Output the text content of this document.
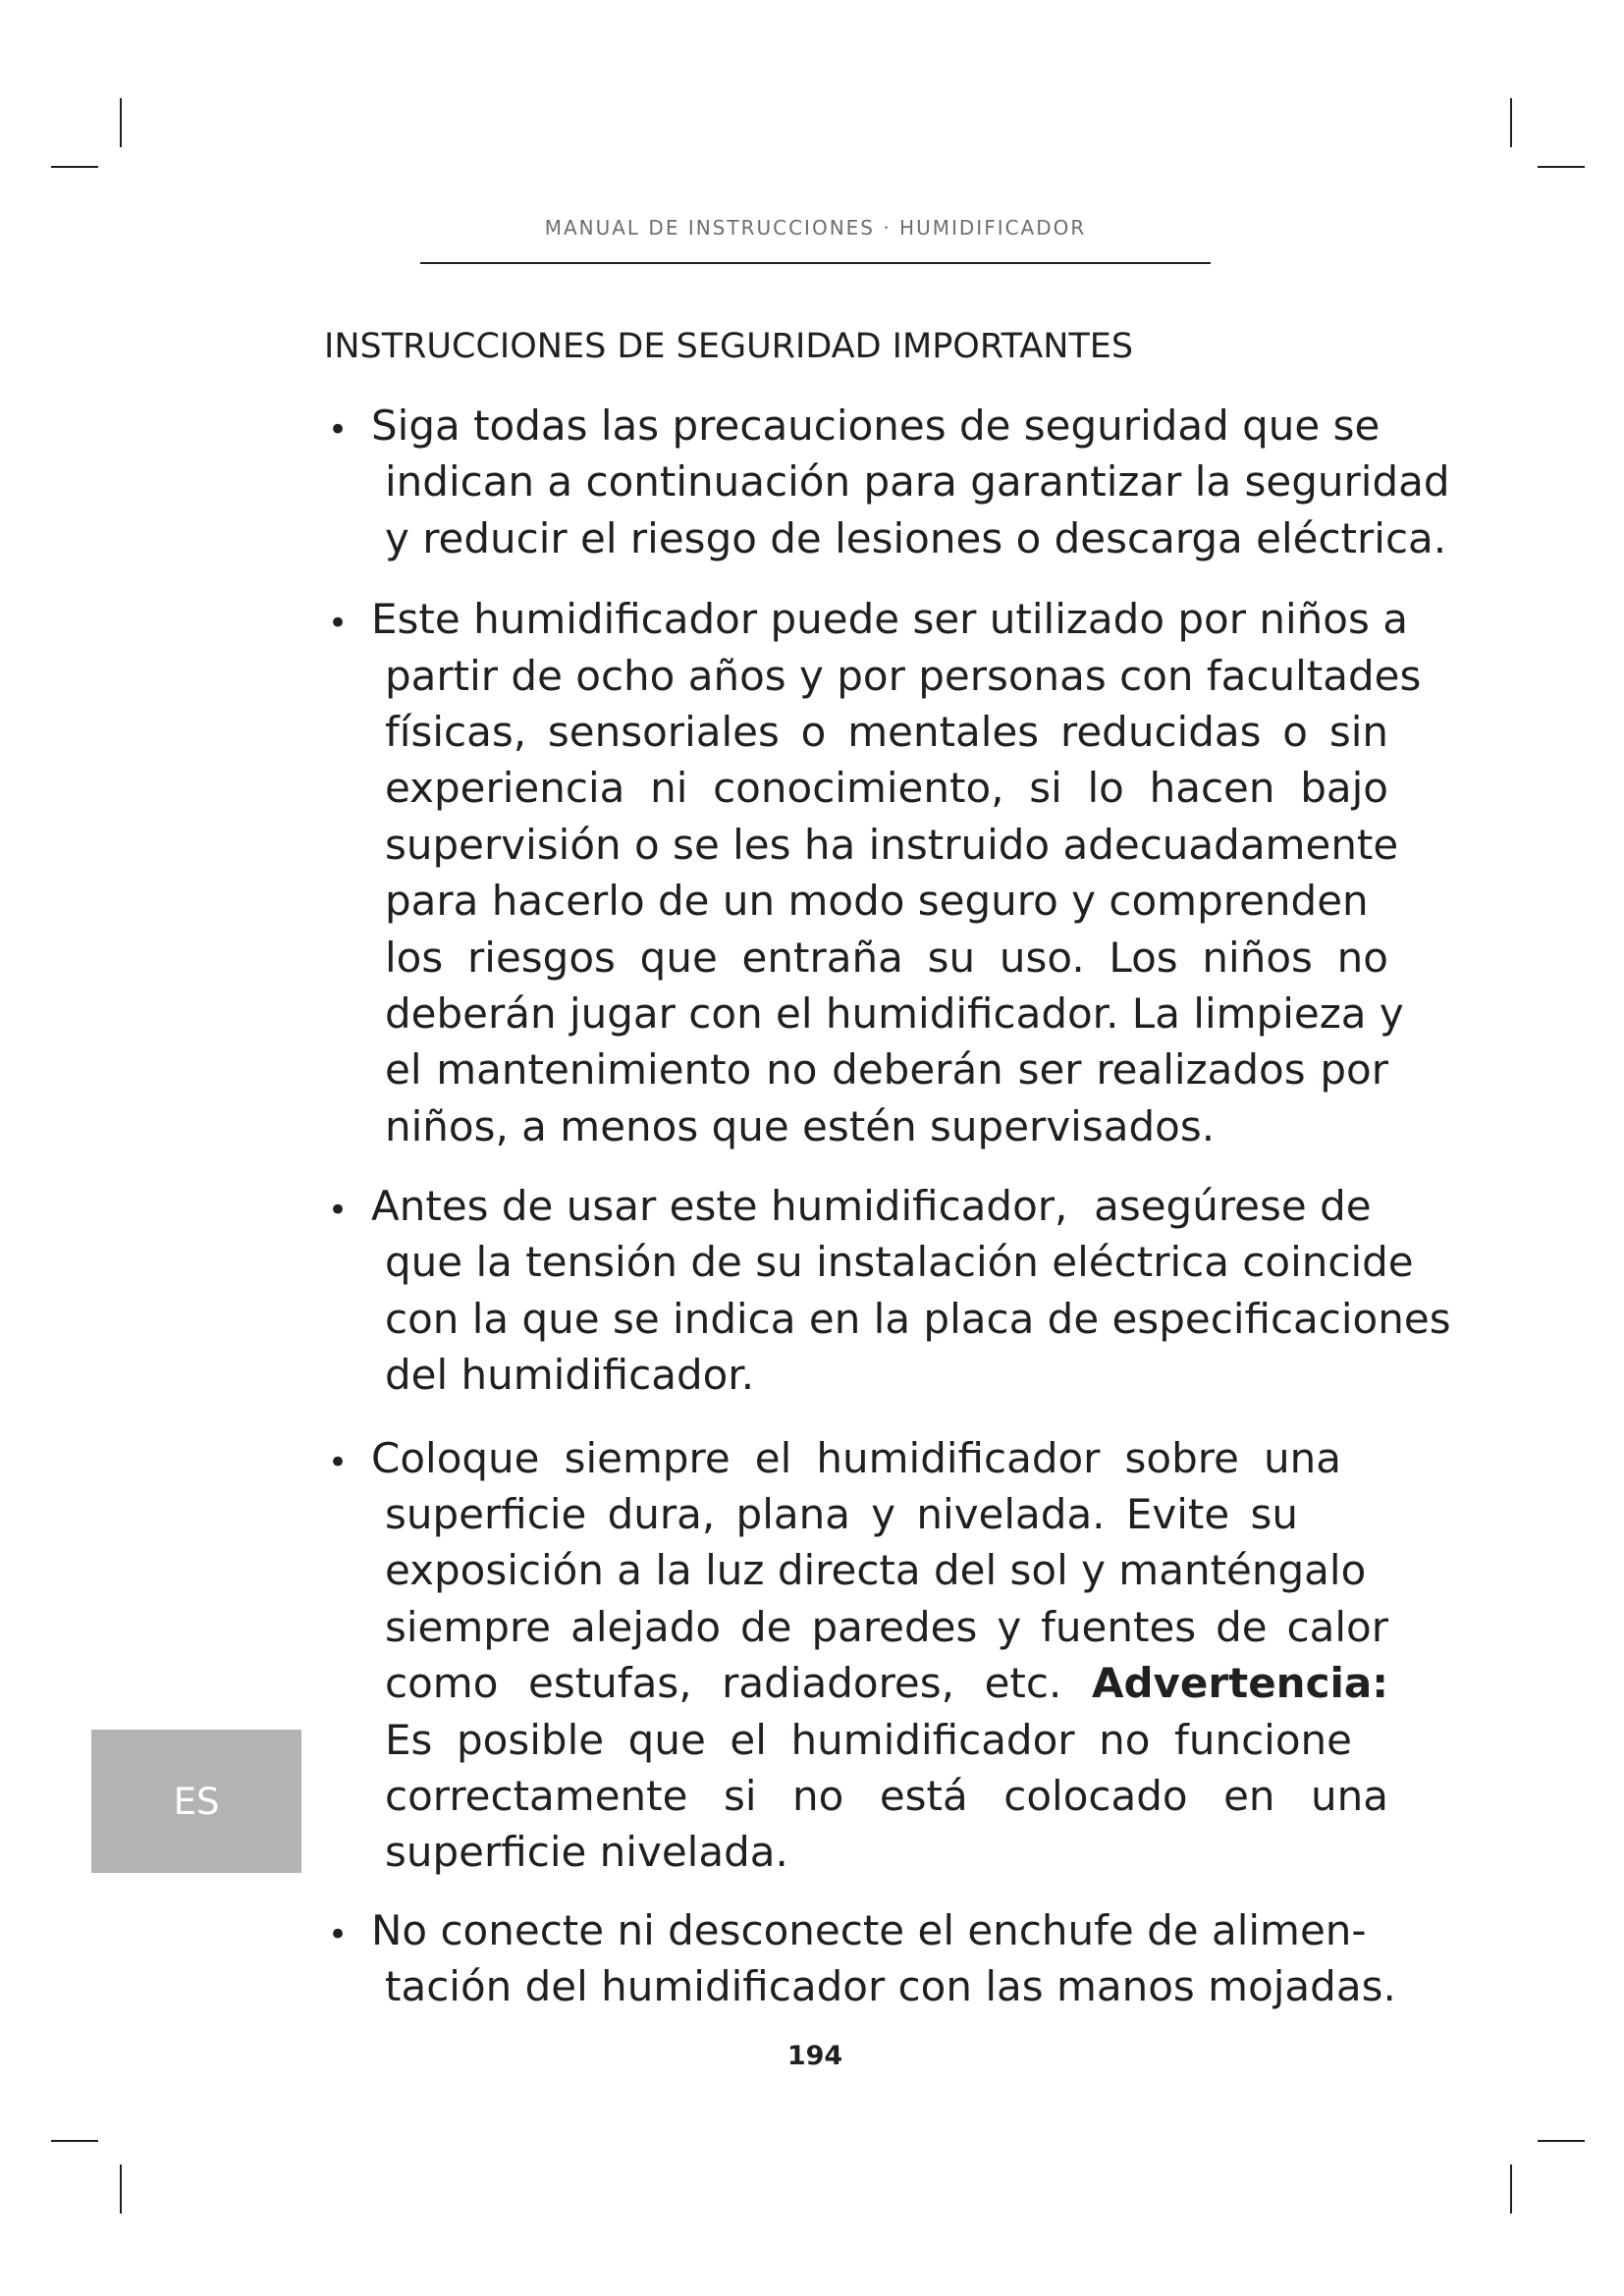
MANUAL DE INSTRUCCIONES · HUMIDIFICADOR
INSTRUCCIONES DE SEGURIDAD IMPORTANTES
• Siga todas las precauciones de seguridad que se
indican a continuación para garantizar la seguridad
y reducir el riesgo de lesiones o descarga eléctrica.
• Este humidificador puede ser utilizado por niños a
partir de ocho años y por personas con facultades
físicas, sensoriales o mentales reducidas o sin
experiencia ni conocimiento, si lo hacen bajo
supervisión o se les ha instruido adecuadamente
para hacerlo de un modo seguro y comprenden
los riesgos que entraña su uso. Los niños no
deberán jugar con el humidificador. La limpieza y
el mantenimiento no deberán ser realizados por
niños, a menos que estén supervisados.
• Antes de usar este humidificador,  asegúrese de
que la tensión de su instalación eléctrica coincide
con la que se indica en la placa de especificaciones
del humidificador.
• Coloque siempre el humidificador sobre una
superficie dura, plana y nivelada. Evite su
exposición a la luz directa del sol y manténgalo
siempre alejado de paredes y fuentes de calor
como estufas, radiadores, etc. Advertencia:
Es posible que el humidificador no funcione
correctamente si no está colocado en una
superficie nivelada.
• No conecte ni desconecte el enchufe de alimen-
tación del humidificador con las manos mojadas.
ES
194
